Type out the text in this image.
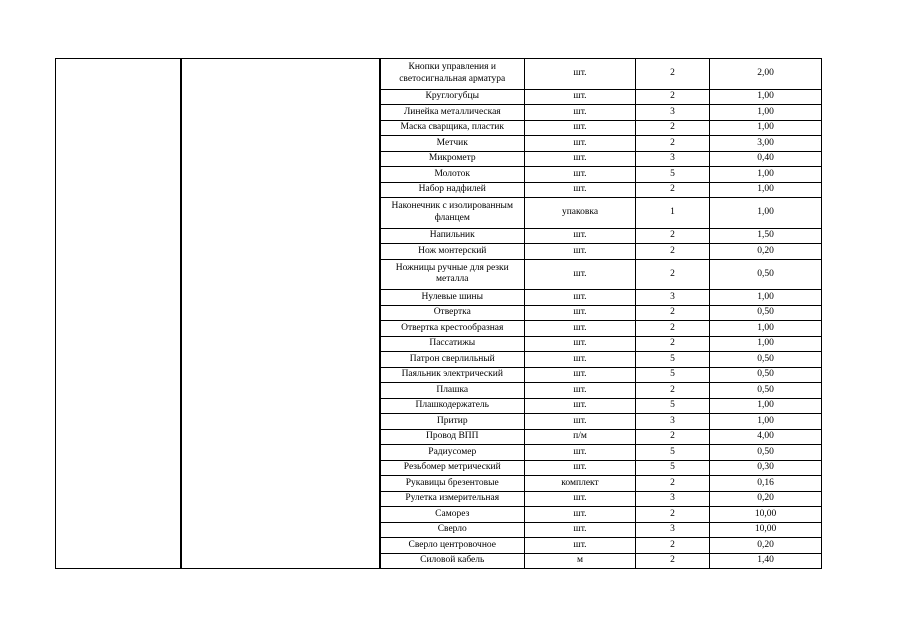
		Кнопки управления и светосигнальная арматура	шт.	2	2,00
		Круглогубцы	шт.	2	1,00
		Линейка металлическая	шт.	3	1,00
		Маска сварщика, пластик	шт.	2	1,00
		Метчик	шт.	2	3,00
		Микрометр	шт.	3	0,40
		Молоток	шт.	5	1,00
		Набор надфилей	шт.	2	1,00
		Наконечник с изолированным фланцем	упаковка	1	1,00
		Напильник	шт.	2	1,50
		Нож монтерский	шт.	2	0,20
		Ножницы ручные для резки металла	шт.	2	0,50
		Нулевые шины	шт.	3	1,00
		Отвертка	шт.	2	0,50
		Отвертка крестообразная	шт.	2	1,00
		Пассатижы	шт.	2	1,00
		Патрон сверлильный	шт.	5	0,50
		Паяльник электрический	шт.	5	0,50
		Плашка	шт.	2	0,50
		Плашкодержатель	шт.	5	1,00
		Притир	шт.	3	1,00
		Провод ВПП	п/м	2	4,00
		Радиусомер	шт.	5	0,50
		Резьбомер метрический	шт.	5	0,30
		Рукавицы брезентовые	комплект	2	0,16
		Рулетка измерительная	шт.	3	0,20
		Саморез	шт.	2	10,00
		Сверло	шт.	3	10,00
		Сверло центровочное	шт.	2	0,20
		Силовой кабель	м	2	1,40
